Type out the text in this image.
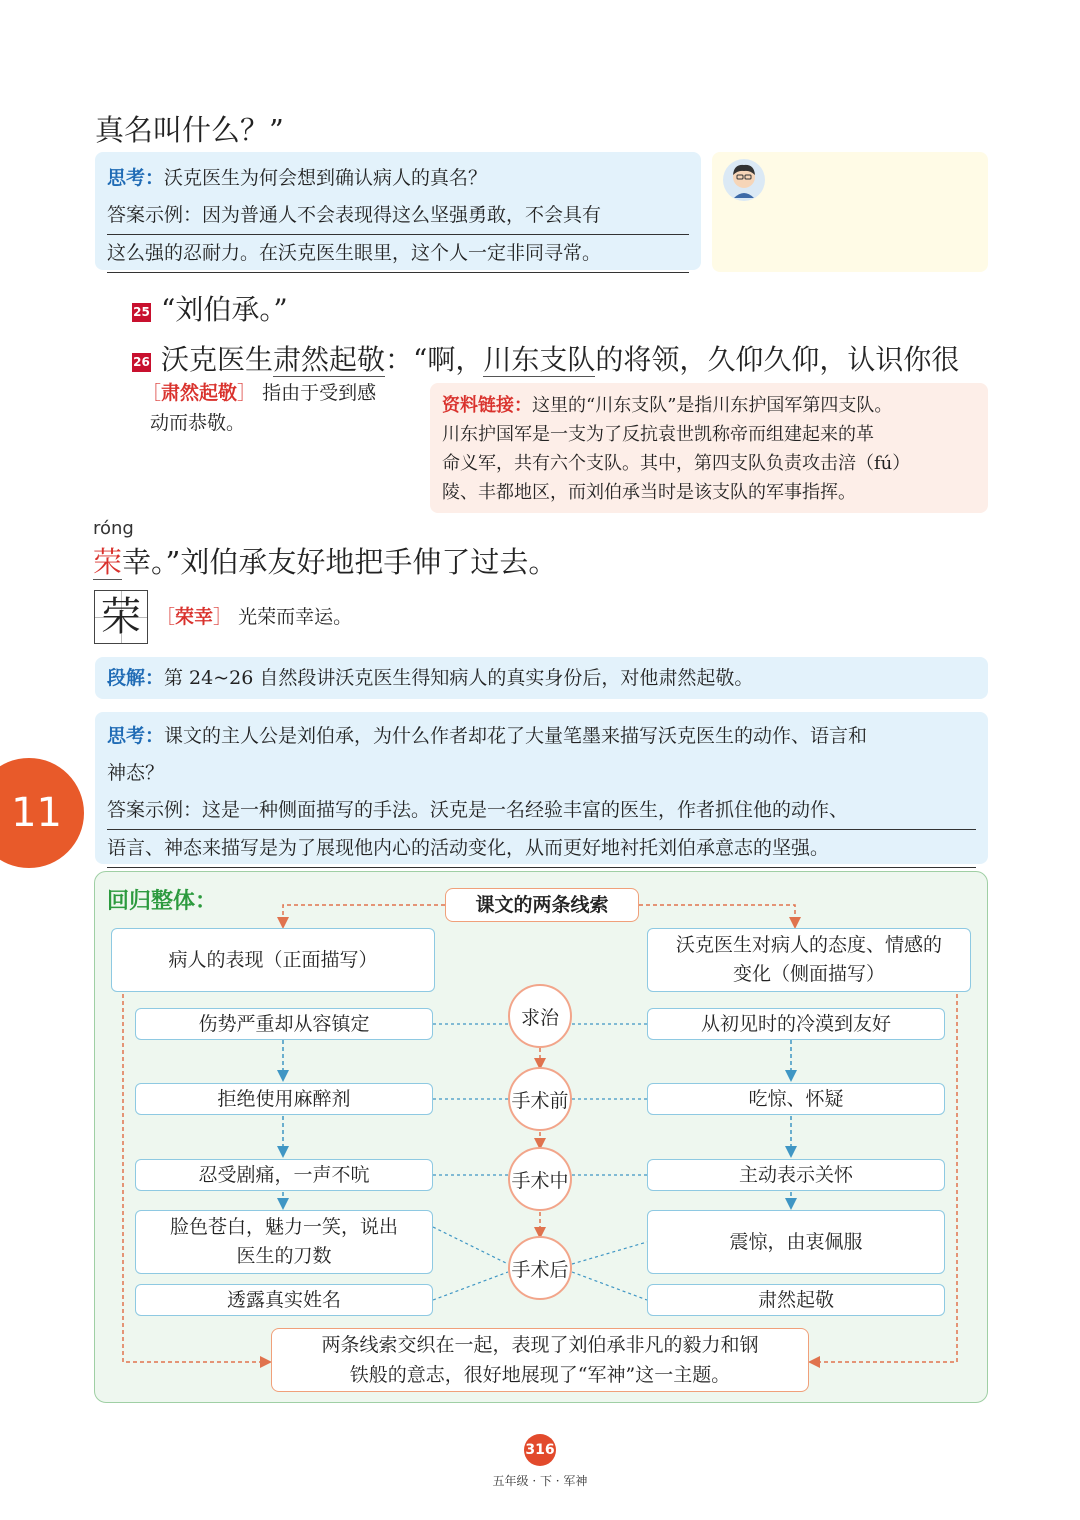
真名叫什么？”
思考：沃克医生为何会想到确认病人的真名？
答案示例：因为普通人不会表现得这么坚强勇敢，不会具有
这么强的忍耐力。在沃克医生眼里，这个人一定非同寻常。
25 “刘伯承。”
26 沃克医生肃然起敬：“啊，川东支队的将领，久仰久仰，认识你很
［肃然起敬］ 指由于受到感
动而恭敬。
资料链接：这里的“川东支队”是指川东护国军第四支队。
川东护国军是一支为了反抗袁世凯称帝而组建起来的革
命义军，共有六个支队。其中，第四支队负责攻击涪（fú）
陵、丰都地区，而刘伯承当时是该支队的军事指挥。
róng
荣幸。”刘伯承友好地把手伸了过去。
荣 ［荣幸］ 光荣而幸运。
段解：第 24~26 自然段讲沃克医生得知病人的真实身份后，对他肃然起敬。
思考：课文的主人公是刘伯承，为什么作者却花了大量笔墨来描写沃克医生的动作、语言和
神态？
答案示例：这是一种侧面描写的手法。沃克是一名经验丰富的医生，作者抓住他的动作、
语言、神态来描写是为了展现他内心的活动变化，从而更好地衬托刘伯承意志的坚强。
11
回归整体：	课文的两条线索
病人的表现（正面描写）
沃克医生对病人的态度、情感的
变化（侧面描写）
伤势严重却从容镇定
拒绝使用麻醉剂
忍受剧痛，一声不吭
脸色苍白，魅力一笑，说出
医生的刀数
透露真实姓名
从初见时的冷漠到友好
吃惊、怀疑
主动表示关怀
震惊，由衷佩服
肃然起敬
求治
手术前
手术中
手术后
两条线索交织在一起，表现了刘伯承非凡的毅力和钢
铁般的意志，很好地展现了“军神”这一主题。
316
五年级 · 下 · 军神
